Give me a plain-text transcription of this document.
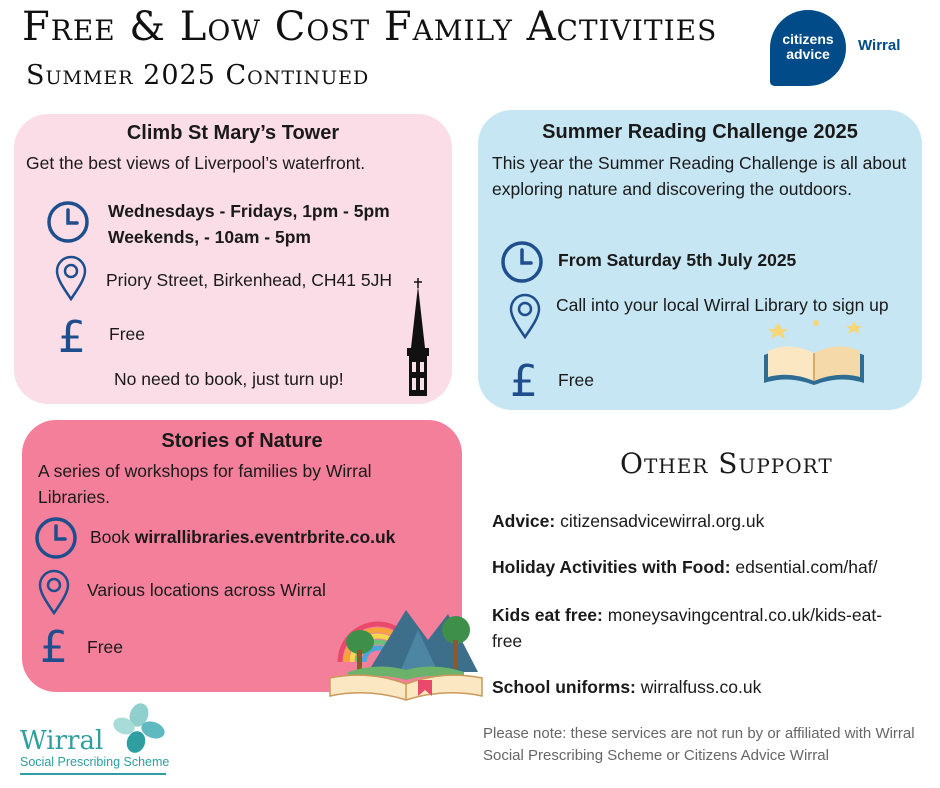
Free & Low Cost Family Activities
Summer 2025 Continued
citizens
advice	Wirral
Climb St Mary’s Tower
Get the best views of Liverpool’s waterfront.
Wednesdays - Fridays, 1pm - 5pm
Weekends, - 10am - 5pm
Priory Street, Birkenhead, CH41 5JH
£ Free
No need to book, just turn up!
Summer Reading Challenge 2025
This year the Summer Reading Challenge is all about exploring nature and discovering the outdoors.
From Saturday 5th July 2025
Call into your local Wirral Library to sign up
£ Free
Stories of Nature
A series of workshops for families by Wirral Libraries.
Book wirrallibraries.eventrbrite.co.uk
Various locations across Wirral
£ Free
Other Support
Advice: citizensadvicewirral.org.uk
Holiday Activities with Food: edsential.com/haf/
Kids eat free: moneysavingcentral.co.uk/kids-eat-free
School uniforms: wirralfuss.co.uk
Please note: these services are not run by or affiliated with Wirral Social Prescribing Scheme or Citizens Advice Wirral
Wirral
Social Prescribing Scheme
